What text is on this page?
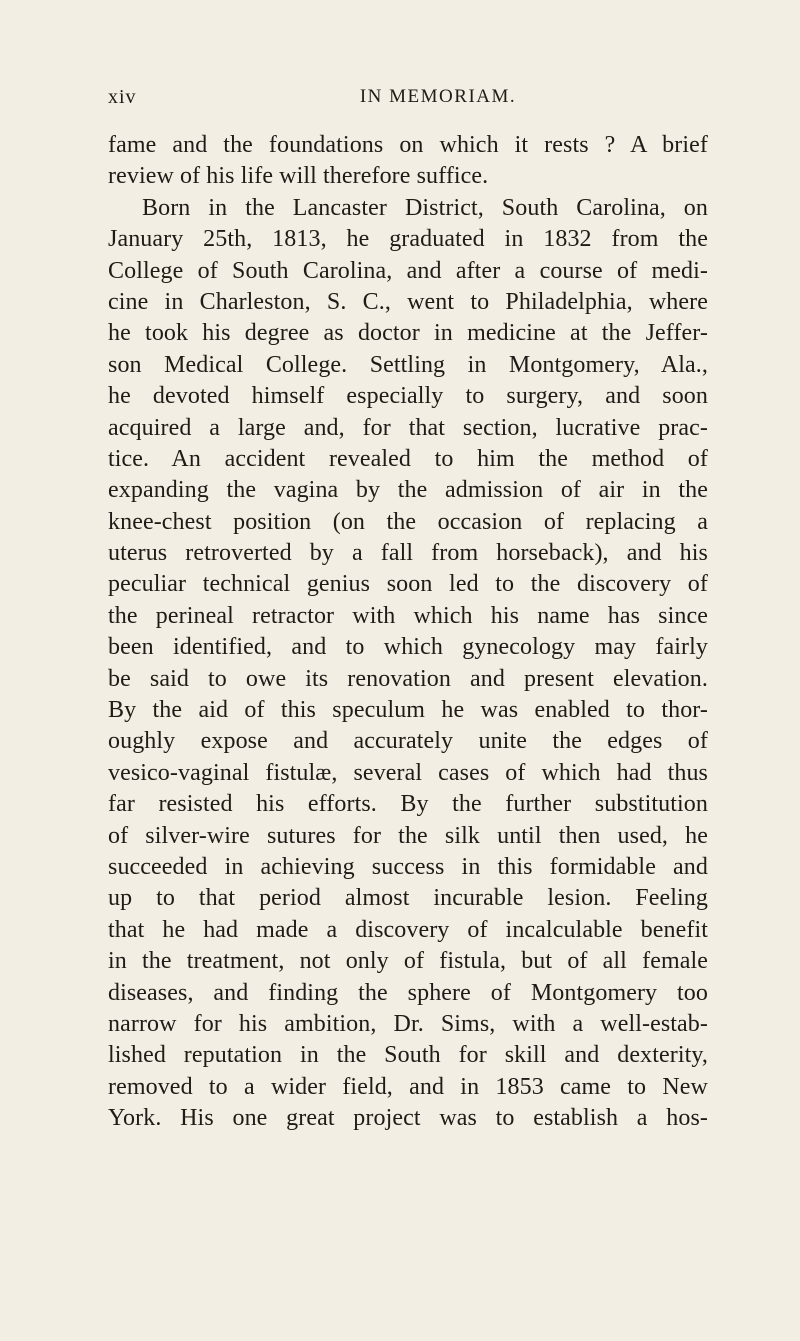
xiv	IN MEMORIAM.
fame and the foundations on which it rests ? A brief
review of his life will therefore suffice.
Born in the Lancaster District, South Carolina, on
January 25th, 1813, he graduated in 1832 from the
College of South Carolina, and after a course of medi-
cine in Charleston, S. C., went to Philadelphia, where
he took his degree as doctor in medicine at the Jeffer-
son Medical College. Settling in Montgomery, Ala.,
he devoted himself especially to surgery, and soon
acquired a large and, for that section, lucrative prac-
tice. An accident revealed to him the method of
expanding the vagina by the admission of air in the
knee-chest position (on the occasion of replacing a
uterus retroverted by a fall from horseback), and his
peculiar technical genius soon led to the discovery of
the perineal retractor with which his name has since
been identified, and to which gynecology may fairly
be said to owe its renovation and present elevation.
By the aid of this speculum he was enabled to thor-
oughly expose and accurately unite the edges of
vesico-vaginal fistulæ, several cases of which had thus
far resisted his efforts. By the further substitution
of silver-wire sutures for the silk until then used, he
succeeded in achieving success in this formidable and
up to that period almost incurable lesion. Feeling
that he had made a discovery of incalculable benefit
in the treatment, not only of fistula, but of all female
diseases, and finding the sphere of Montgomery too
narrow for his ambition, Dr. Sims, with a well-estab-
lished reputation in the South for skill and dexterity,
removed to a wider field, and in 1853 came to New
York. His one great project was to establish a hos-
